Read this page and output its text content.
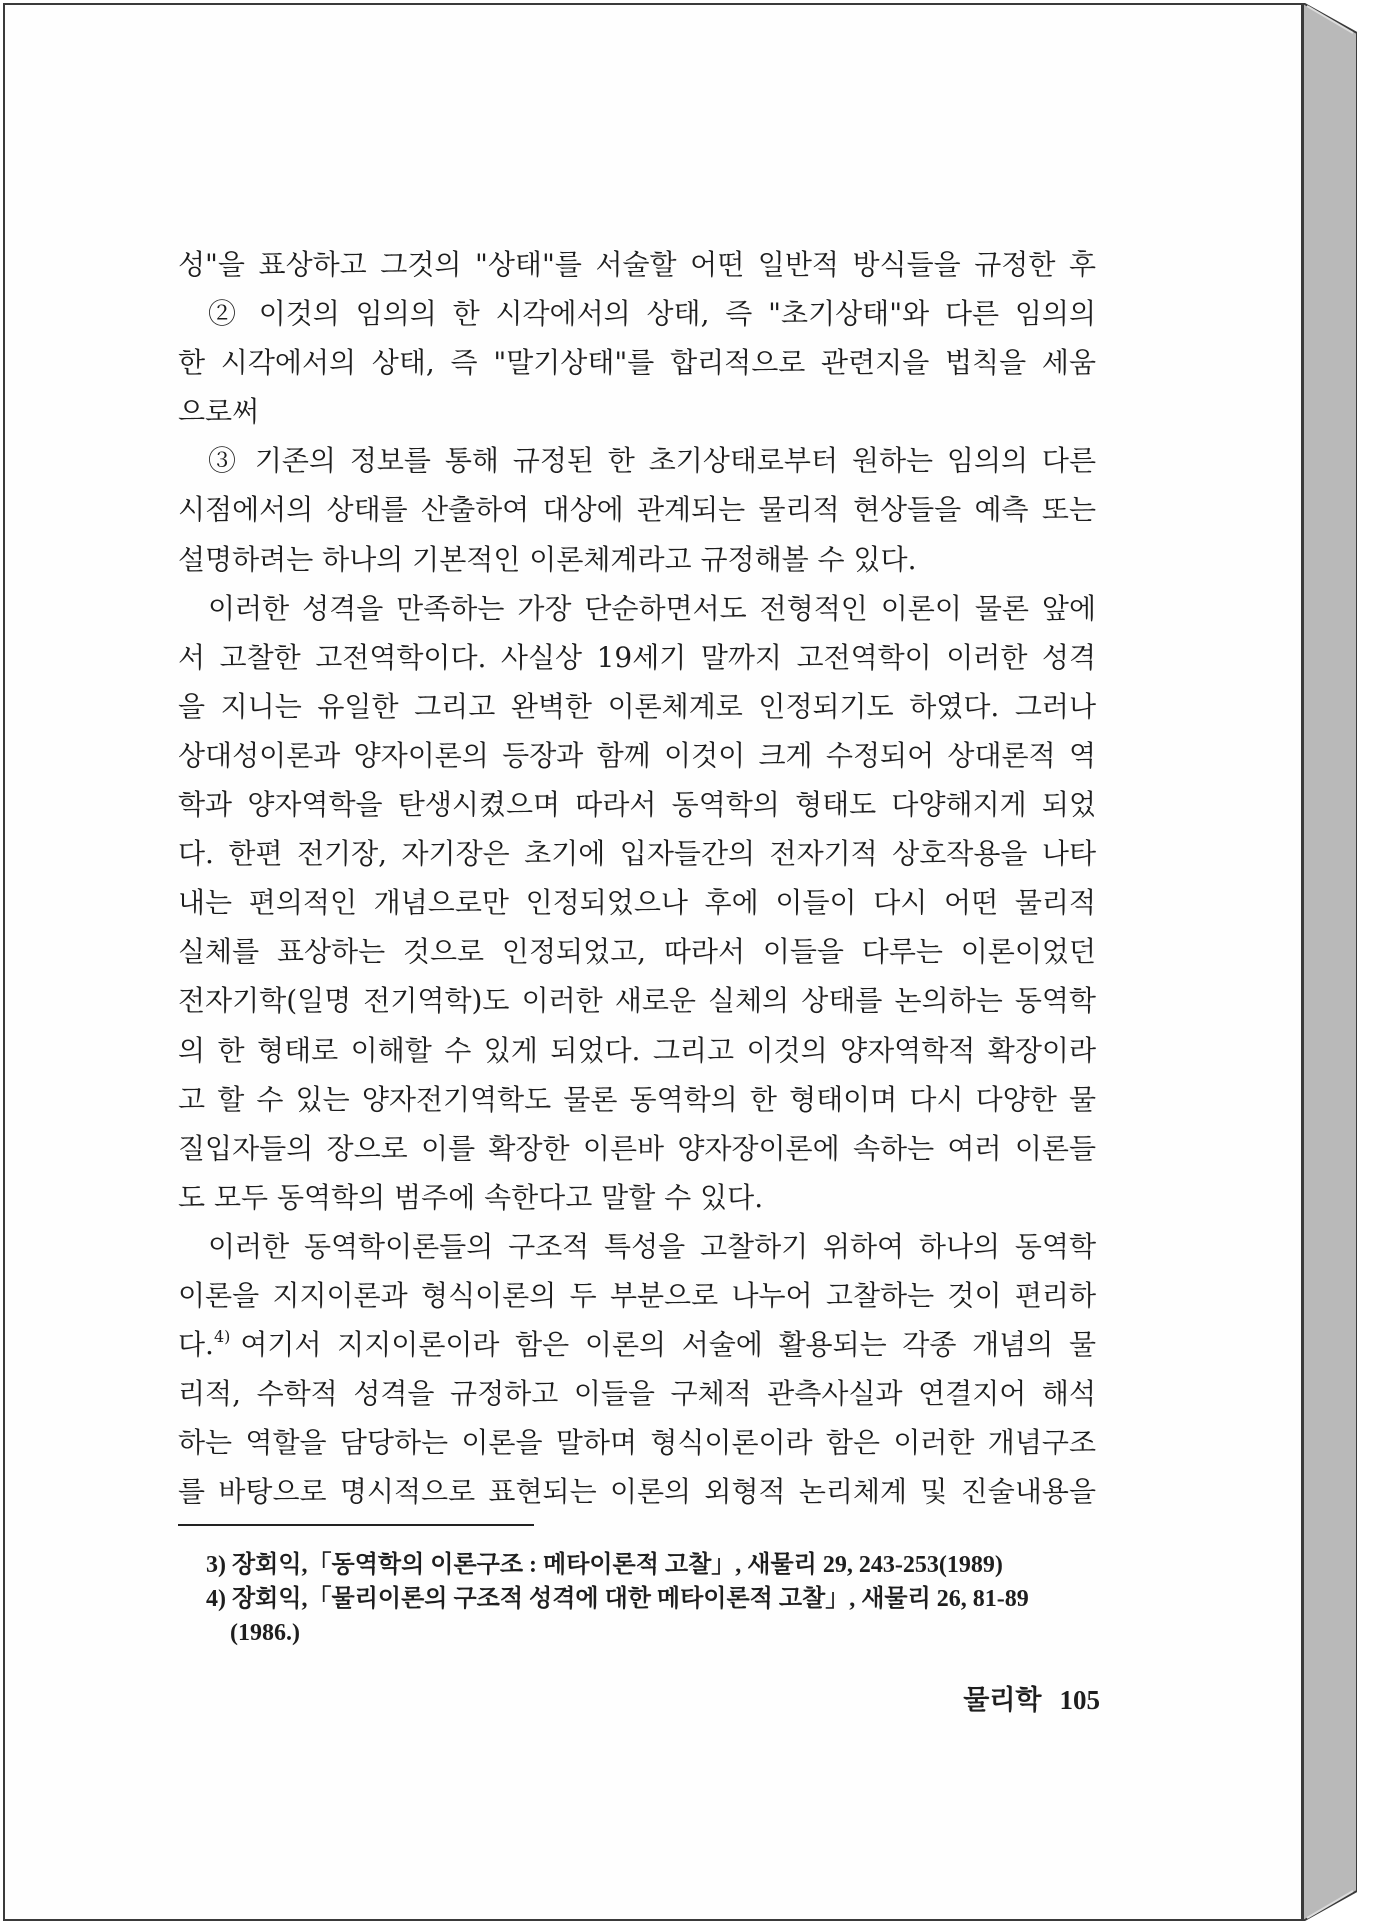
성"을 표상하고 그것의 "상태"를 서술할 어떤 일반적 방식들을 규정한 후
② 이것의 임의의 한 시각에서의 상태, 즉 "초기상태"와 다른 임의의
한 시각에서의 상태, 즉 "말기상태"를 합리적으로 관련지을 법칙을 세움
으로써
③ 기존의 정보를 통해 규정된 한 초기상태로부터 원하는 임의의 다른
시점에서의 상태를 산출하여 대상에 관계되는 물리적 현상들을 예측 또는
설명하려는 하나의 기본적인 이론체계라고 규정해볼 수 있다.
이러한 성격을 만족하는 가장 단순하면서도 전형적인 이론이 물론 앞에
서 고찰한 고전역학이다. 사실상 19세기 말까지 고전역학이 이러한 성격
을 지니는 유일한 그리고 완벽한 이론체계로 인정되기도 하였다. 그러나
상대성이론과 양자이론의 등장과 함께 이것이 크게 수정되어 상대론적 역
학과 양자역학을 탄생시켰으며 따라서 동역학의 형태도 다양해지게 되었
다. 한편 전기장, 자기장은 초기에 입자들간의 전자기적 상호작용을 나타
내는 편의적인 개념으로만 인정되었으나 후에 이들이 다시 어떤 물리적
실체를 표상하는 것으로 인정되었고, 따라서 이들을 다루는 이론이었던
전자기학(일명 전기역학)도 이러한 새로운 실체의 상태를 논의하는 동역학
의 한 형태로 이해할 수 있게 되었다. 그리고 이것의 양자역학적 확장이라
고 할 수 있는 양자전기역학도 물론 동역학의 한 형태이며 다시 다양한 물
질입자들의 장으로 이를 확장한 이른바 양자장이론에 속하는 여러 이론들
도 모두 동역학의 범주에 속한다고 말할 수 있다.
이러한 동역학이론들의 구조적 특성을 고찰하기 위하여 하나의 동역학
이론을 지지이론과 형식이론의 두 부분으로 나누어 고찰하는 것이 편리하
다.$^{4)}$ 여기서 지지이론이라 함은 이론의 서술에 활용되는 각종 개념의 물
리적, 수학적 성격을 규정하고 이들을 구체적 관측사실과 연결지어 해석
하는 역할을 담당하는 이론을 말하며 형식이론이라 함은 이러한 개념구조
를 바탕으로 명시적으로 표현되는 이론의 외형적 논리체계 및 진술내용을
3) 장회익,「동역학의 이론구조 : 메타이론적 고찰」, 새물리 29, 243-253(1989)
4) 장회익,「물리이론의 구조적 성격에 대한 메타이론적 고찰」, 새물리 26, 81-89
(1986.)
물리학 105
